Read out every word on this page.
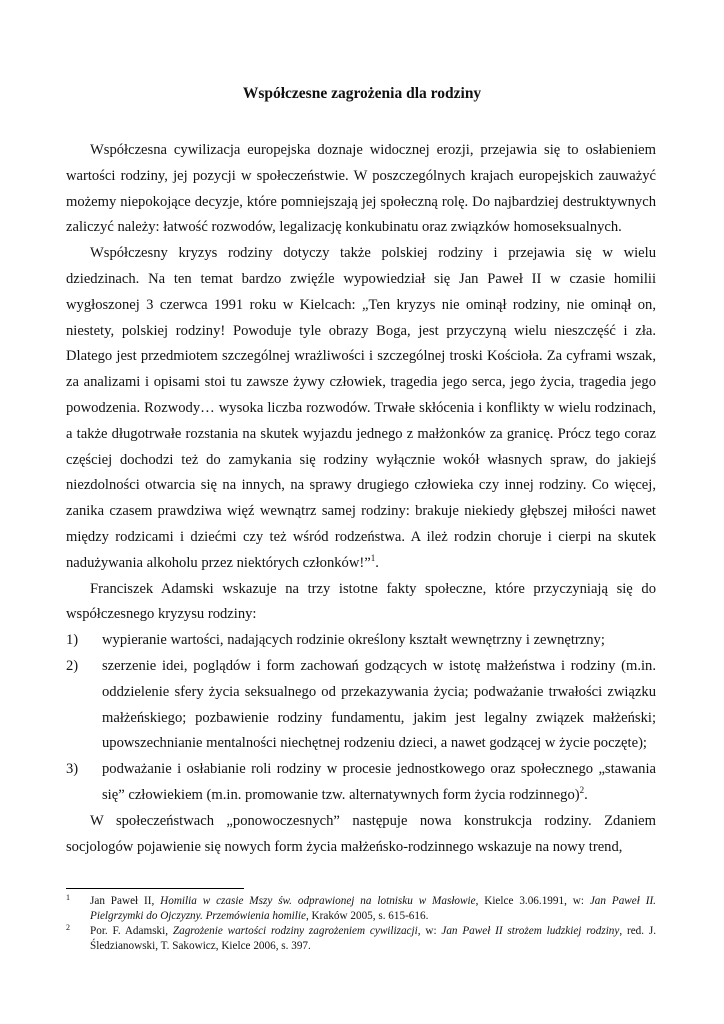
Współczesne zagrożenia dla rodziny

Współczesna cywilizacja europejska doznaje widocznej erozji, przejawia się to osłabieniem wartości rodziny, jej pozycji w społeczeństwie. W poszczególnych krajach europejskich zauważyć możemy niepokojące decyzje, które pomniejszają jej społeczną rolę. Do najbardziej destruktywnych zaliczyć należy: łatwość rozwodów, legalizację konkubinatu oraz związków homoseksualnych.

Współczesny kryzys rodziny dotyczy także polskiej rodziny i przejawia się w wielu dziedzinach. Na ten temat bardzo zwięźle wypowiedział się Jan Paweł II w czasie homilii wygłoszonej 3 czerwca 1991 roku w Kielcach: „Ten kryzys nie ominął rodziny, nie ominął on, niestety, polskiej rodziny! Powoduje tyle obrazy Boga, jest przyczyną wielu nieszczęść i zła. Dlatego jest przedmiotem szczególnej wrażliwości i szczególnej troski Kościoła. Za cyframi wszak, za analizami i opisami stoi tu zawsze żywy człowiek, tragedia jego serca, jego życia, tragedia jego powodzenia. Rozwody… wysoka liczba rozwodów. Trwałe skłócenia i konflikty w wielu rodzinach, a także długotrwałe rozstania na skutek wyjazdu jednego z małżonków za granicę. Prócz tego coraz częściej dochodzi też do zamykania się rodziny wyłącznie wokół własnych spraw, do jakiejś niezdolności otwarcia się na innych, na sprawy drugiego człowieka czy innej rodziny. Co więcej, zanika czasem prawdziwa więź wewnątrz samej rodziny: brakuje niekiedy głębszej miłości nawet między rodzicami i dziećmi czy też wśród rodzeństwa. A ileż rodzin choruje i cierpi na skutek nadużywania alkoholu przez niektórych członków!”$^1$.

Franciszek Adamski wskazuje na trzy istotne fakty społeczne, które przyczyniają się do współczesnego kryzysu rodziny:

1) wypieranie wartości, nadających rodzinie określony kształt wewnętrzny i zewnętrzny;
2) szerzenie idei, poglądów i form zachowań godzących w istotę małżeństwa i rodziny (m.in. oddzielenie sfery życia seksualnego od przekazywania życia; podważanie trwałości związku małżeńskiego; pozbawienie rodziny fundamentu, jakim jest legalny związek małżeński; upowszechnianie mentalności niechętnej rodzeniu dzieci, a nawet godzącej w życie poczęte);
3) podważanie i osłabianie roli rodziny w procesie jednostkowego oraz społecznego „stawania się” człowiekiem (m.in. promowanie tzw. alternatywnych form życia rodzinnego)$^2$.

W społeczeństwach „ponowoczesnych” następuje nowa konstrukcja rodziny. Zdaniem socjologów pojawienie się nowych form życia małżeńsko-rodzinnego wskazuje na nowy trend,

1 Jan Paweł II, Homilia w czasie Mszy św. odprawionej na lotnisku w Masłowie, Kielce 3.06.1991, w: Jan Paweł II. Pielgrzymki do Ojczyzny. Przemówienia homilie, Kraków 2005, s. 615-616.
2 Por. F. Adamski, Zagrożenie wartości rodziny zagrożeniem cywilizacji, w: Jan Paweł II strożem ludzkiej rodziny, red. J. Śledzianowski, T. Sakowicz, Kielce 2006, s. 397.
